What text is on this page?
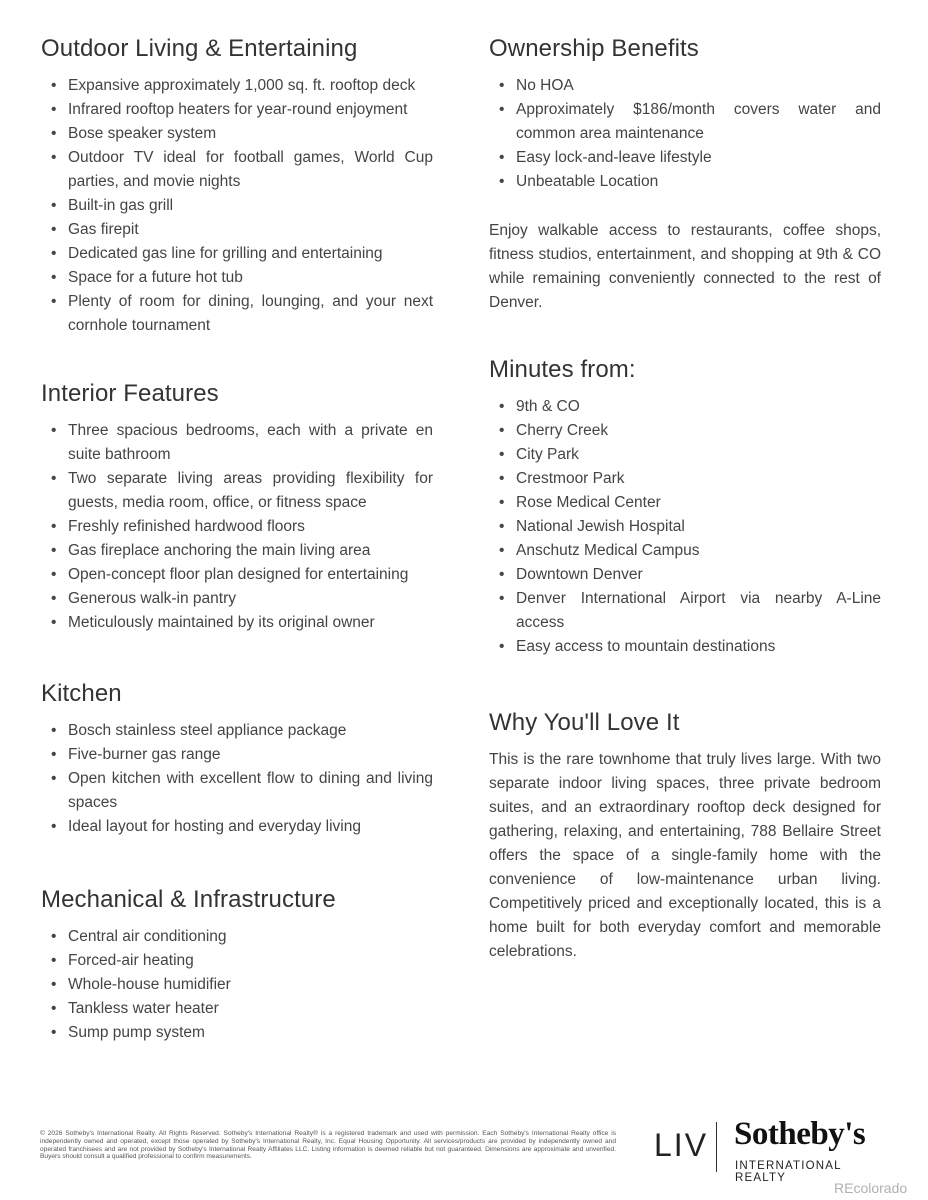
Outdoor Living & Entertaining
• Expansive approximately 1,000 sq. ft. rooftop deck
• Infrared rooftop heaters for year-round enjoyment
• Bose speaker system
• Outdoor TV ideal for football games, World Cup parties, and movie nights
• Built-in gas grill
• Gas firepit
• Dedicated gas line for grilling and entertaining
• Space for a future hot tub
• Plenty of room for dining, lounging, and your next cornhole tournament
Interior Features
• Three spacious bedrooms, each with a private en suite bathroom
• Two separate living areas providing flexibility for guests, media room, office, or fitness space
• Freshly refinished hardwood floors
• Gas fireplace anchoring the main living area
• Open-concept floor plan designed for entertaining
• Generous walk-in pantry
• Meticulously maintained by its original owner
Kitchen
• Bosch stainless steel appliance package
• Five-burner gas range
• Open kitchen with excellent flow to dining and living spaces
• Ideal layout for hosting and everyday living
Mechanical & Infrastructure
• Central air conditioning
• Forced-air heating
• Whole-house humidifier
• Tankless water heater
• Sump pump system
Ownership Benefits
• No HOA
• Approximately $186/month covers water and common area maintenance
• Easy lock-and-leave lifestyle
• Unbeatable Location

Enjoy walkable access to restaurants, coffee shops, fitness studios, entertainment, and shopping at 9th & CO while remaining conveniently connected to the rest of Denver.

Minutes from:
• 9th & CO
• Cherry Creek
• City Park
• Crestmoor Park
• Rose Medical Center
• National Jewish Hospital
• Anschutz Medical Campus
• Downtown Denver
• Denver International Airport via nearby A-Line access
• Easy access to mountain destinations
Why You'll Love It

This is the rare townhome that truly lives large. With two separate indoor living spaces, three private bedroom suites, and an extraordinary rooftop deck designed for gathering, relaxing, and entertaining, 788 Bellaire Street offers the space of a single-family home with the convenience of low-maintenance urban living. Competitively priced and exceptionally located, this is a home built for both everyday comfort and memorable celebrations.

© 2026 Sotheby's International Realty. All Rights Reserved. Sotheby's International Realty® is a registered trademark and used with permission. Each Sotheby's International Realty office is independently owned and operated, except those operated by Sotheby's International Realty, Inc. Equal Housing Opportunity. All services/products are provided by independently owned and operated franchisees and are not provided by Sotheby's International Realty Affiliates LLC. Listing information is deemed reliable but not guaranteed. Dimensions are approximate and unverified. Buyers should consult a qualified professional to confirm measurements.	LIV Sotheby's
INTERNATIONAL REALTY
REcolorado
